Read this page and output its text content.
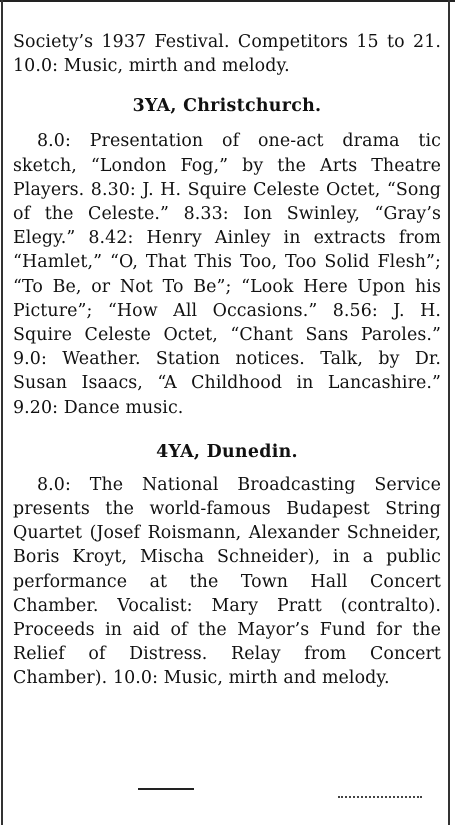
Society’s 1937 Festival. Competitors 15 to 21. 10.0: Music, mirth and melody.

3YA, Christchurch.

8.0: Presentation of one-act drama tic sketch, “London Fog,” by the Arts Theatre Players. 8.30: J. H. Squire Celeste Octet, “Song of the Celeste.” 8.33: Ion Swinley, “Gray’s Elegy.” 8.42: Henry Ainley in extracts from “Hamlet,” “O, That This Too, Too Solid Flesh”; “To Be, or Not To Be”; “Look Here Upon his Picture”; “How All Occasions.” 8.56: J. H. Squire Celeste Octet, “Chant Sans Paroles.” 9.0: Weather. Station notices. Talk, by Dr. Susan Isaacs, “A Childhood in Lancashire.” 9.20: Dance music.

4YA, Dunedin.

8.0: The National Broadcasting Service presents the world-famous Budapest String Quartet (Josef Roismann, Alexander Schneider, Boris Kroyt, Mischa Schneider), in a public performance at the Town Hall Concert Chamber. Vocalist: Mary Pratt (contralto). Proceeds in aid of the Mayor’s Fund for the Relief of Distress. Relay from Concert Chamber). 10.0: Music, mirth and melody.
